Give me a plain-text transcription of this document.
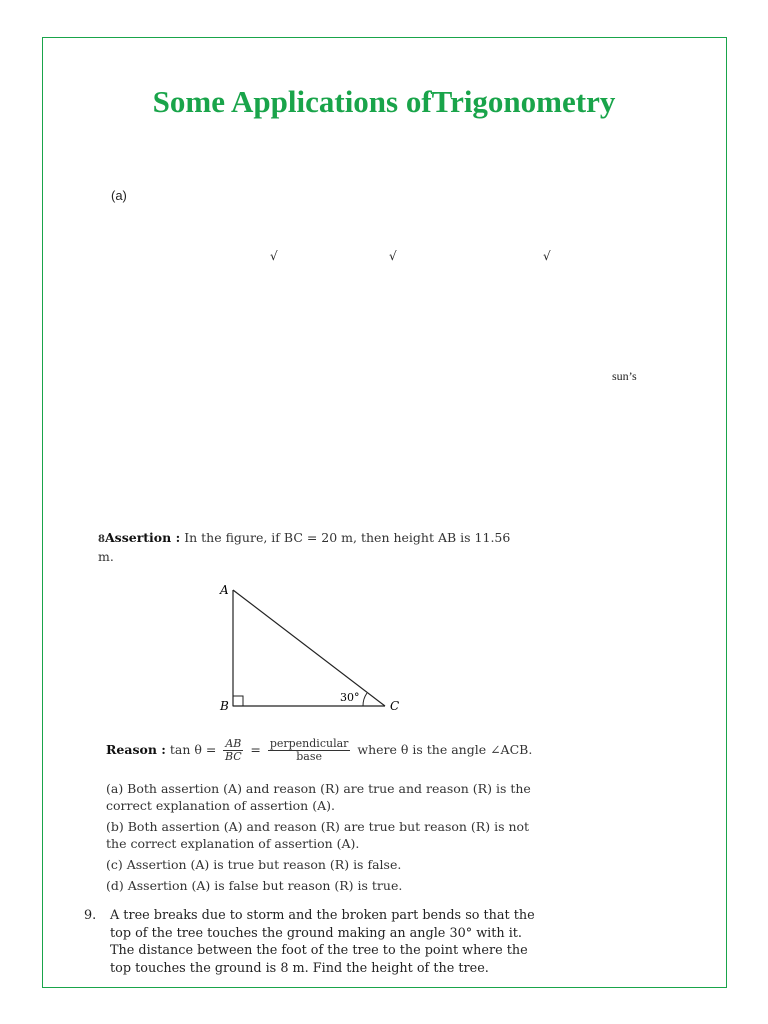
Some Applications ofTrigonometry
(a)
√	√	√
sun’s
8Assertion : In the figure, if BC = 20 m, then height AB is 11.56 m.
A
B	C
30°
Reason : $\tan \theta = \frac{AB}{BC} = \frac{\text{perpendicular}}{\text{base}}$ where θ is the angle ∠ACB.
(a) Both assertion (A) and reason (R) are true and reason (R) is the correct explanation of assertion (A).
(b) Both assertion (A) and reason (R) are true but reason (R) is not the correct explanation of assertion (A).
(c) Assertion (A) is true but reason (R) is false.
(d) Assertion (A) is false but reason (R) is true.
9. A tree breaks due to storm and the broken part bends so that the top of the tree touches the ground making an angle 30° with it. The distance between the foot of the tree to the point where the top touches the ground is 8 m. Find the height of the tree.
